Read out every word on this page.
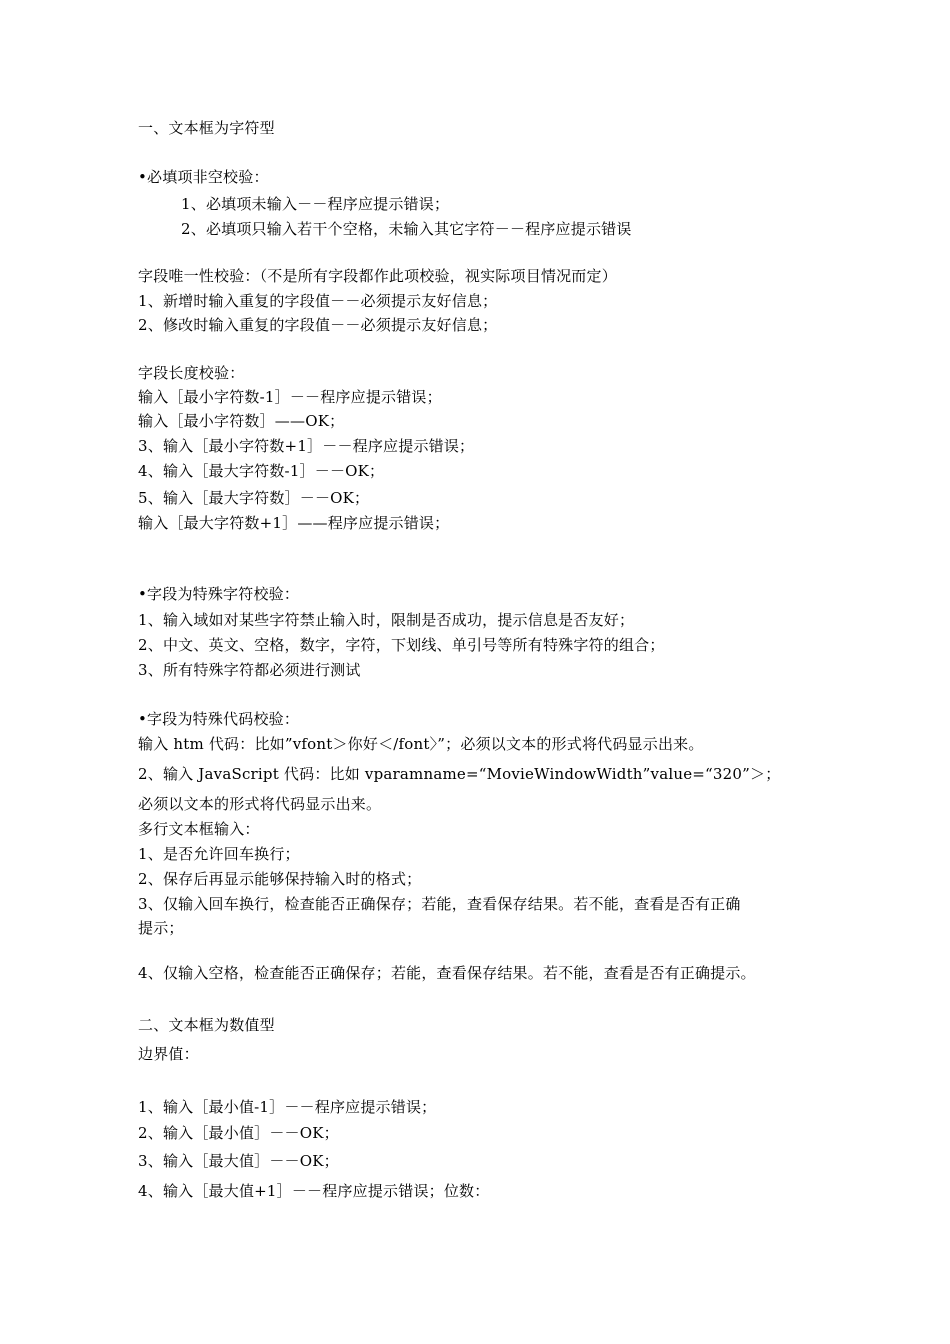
一、文本框为字符型
•必填项非空校验：
1、必填项未输入－－程序应提示错误；
2、必填项只输入若干个空格，未输入其它字符－－程序应提示错误
字段唯一性校验：（不是所有字段都作此项校验，视实际项目情况而定）
1、新增时输入重复的字段值－－必须提示友好信息；
2、修改时输入重复的字段值－－必须提示友好信息；
字段长度校验：
输入［最小字符数-1］－－程序应提示错误；
输入［最小字符数］——OK；
3、输入［最小字符数+1］－－程序应提示错误；
4、输入［最大字符数-1］－－OK；
5、输入［最大字符数］－－OK；
输入［最大字符数+1］——程序应提示错误；
•字段为特殊字符校验：
1、输入域如对某些字符禁止输入时，限制是否成功，提示信息是否友好；
2、中文、英文、空格，数字，字符，下划线、单引号等所有特殊字符的组合；
3、所有特殊字符都必须进行测试
•字段为特殊代码校验：
输入 htm 代码：比如”vfont＞你好＜/font〉”；必须以文本的形式将代码显示出来。
2、输入 JavaScript 代码：比如 vparamname=“MovieWindowWidth”value=“320”＞；
必须以文本的形式将代码显示出来。
多行文本框输入：
1、是否允许回车换行；
2、保存后再显示能够保持输入时的格式；
3、仅输入回车换行，检查能否正确保存；若能，查看保存结果。若不能，查看是否有正确
提示；
4、仅输入空格，检查能否正确保存；若能，查看保存结果。若不能，查看是否有正确提示。
二、文本框为数值型
边界值：
1、输入［最小值-1］－－程序应提示错误；
2、输入［最小值］－－OK；
3、输入［最大值］－－OK；
4、输入［最大值+1］－－程序应提示错误；位数：
